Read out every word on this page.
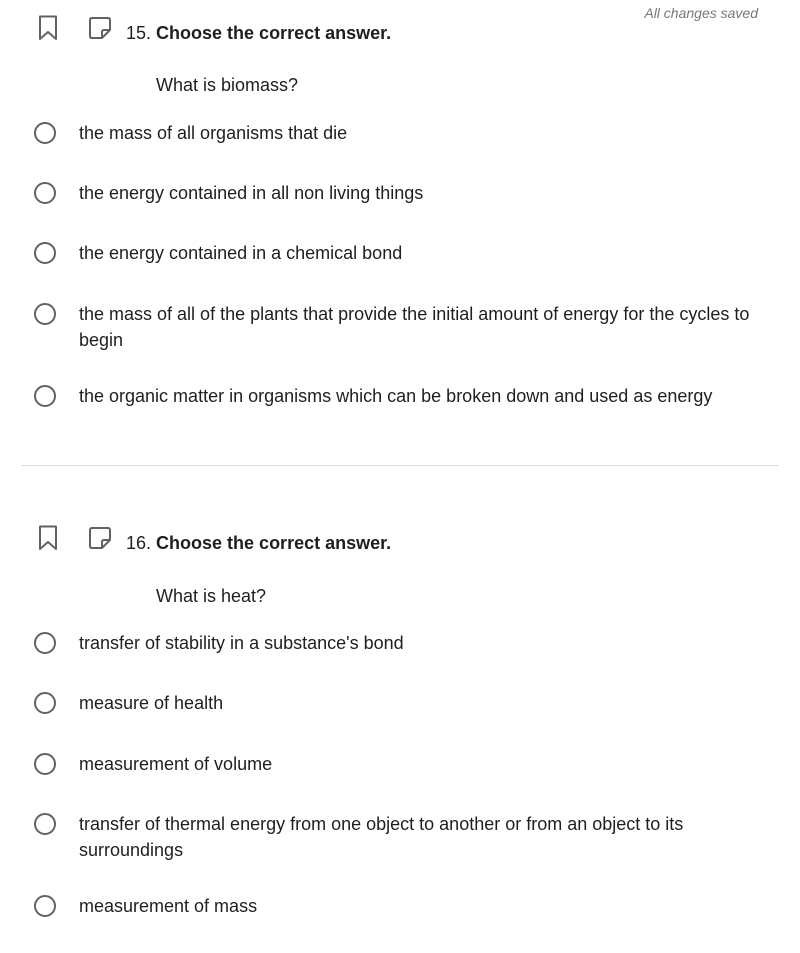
All changes saved
15. Choose the correct answer.
What is biomass?
the mass of all organisms that die
the energy contained in all non living things
the energy contained in a chemical bond
the mass of all of the plants that provide the initial amount of energy for the cycles to begin
the organic matter in organisms which can be broken down and used as energy
16. Choose the correct answer.
What is heat?
transfer of stability in a substance's bond
measure of health
measurement of volume
transfer of thermal energy from one object to another or from an object to its surroundings
measurement of mass
